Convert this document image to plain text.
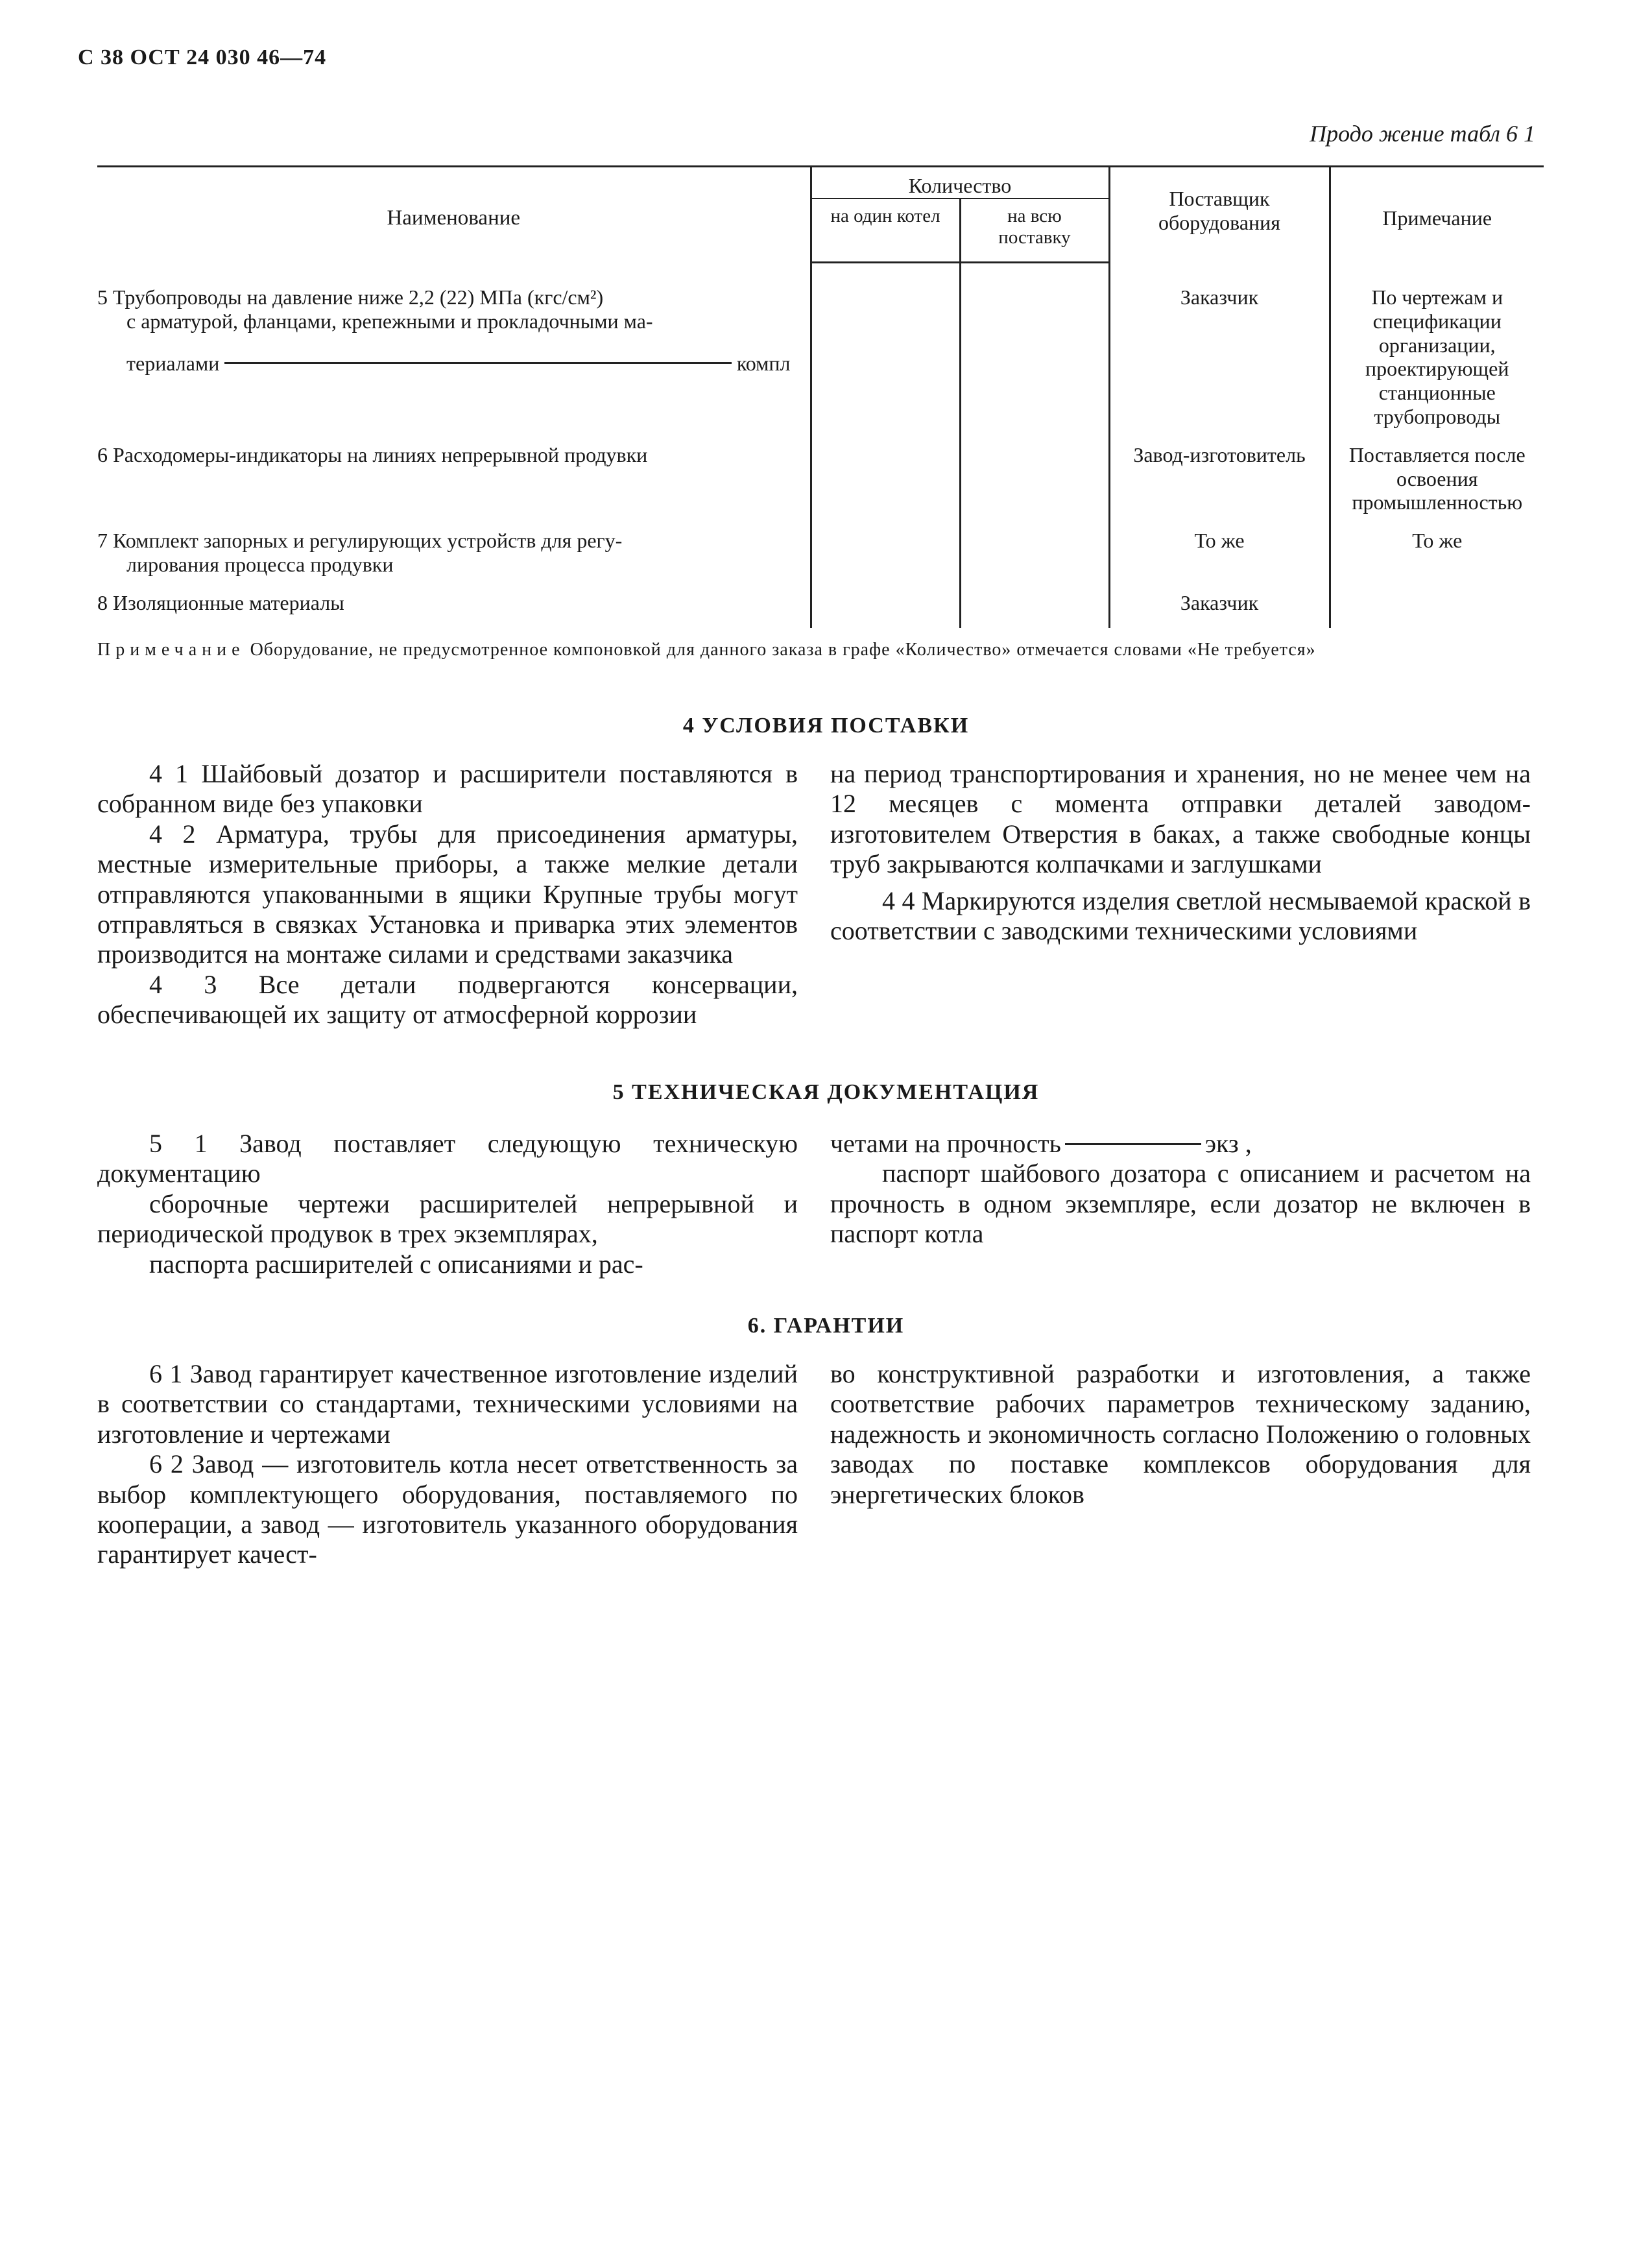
С 38 ОСТ 24 030 46—74
Продо жение табл 6 1
Наименование	Количество		Поставщик оборудования	Примечание
	на один котел	на всю поставку		

5 Трубопроводы на давление ниже 2,2 (22) МПа (кгс/см²)
с арматурой, фланцами, крепежными и прокладочными ма-
териалами компл			Заказчик	По чертежам и спецификации организации, проектирующей станционные трубопроводы
6 Расходомеры-индикаторы на линиях непрерывной продувки			Завод-изготовитель	Поставляется после освоения промышленностью

7 Комплект запорных и регулирующих устройств для регу-
лирования процесса продувки			То же	То же
8 Изоляционные материалы			Заказчик	
Примечание Оборудование, не предусмотренное компоновкой для данного заказа в графе «Количество» отмечается словами «Не требуется»
4 УСЛОВИЯ ПОСТАВКИ

4 1 Шайбовый дозатор и расширители поставляются в собранном виде без упаковки

4 2 Арматура, трубы для присоединения арматуры, местные измерительные приборы, а также мелкие детали отправляются упакованными в ящики Крупные трубы могут отправляться в связках Установка и приварка этих элементов производится на монтаже силами и средствами заказчика

4 3 Все детали подвергаются консервации, обеспечивающей их защиту от атмосферной коррозии

на период транспортирования и хранения, но не менее чем на 12 месяцев с момента отправки деталей заводом-изготовителем Отверстия в баках, а также свободные концы труб закрываются колпачками и заглушками

4 4 Маркируются изделия светлой несмываемой краской в соответствии с заводскими техническими условиями

5 ТЕХНИЧЕСКАЯ ДОКУМЕНТАЦИЯ

5 1 Завод поставляет следующую техническую документацию

сборочные чертежи расширителей непрерывной и периодической продувок в трех экземплярах,

паспорта расширителей с описаниями и рас-

четами на прочность	экз ,

паспорт шайбового дозатора с описанием и расчетом на прочность в одном экземпляре, если дозатор не включен в паспорт котла

6. ГАРАНТИИ

6 1 Завод гарантирует качественное изготовление изделий в соответствии со стандартами, техническими условиями на изготовление и чертежами

6 2 Завод — изготовитель котла несет ответственность за выбор комплектующего оборудования, поставляемого по кооперации, а завод — изготовитель указанного оборудования гарантирует качест-

во конструктивной разработки и изготовления, а также соответствие рабочих параметров техническому заданию, надежность и экономичность согласно Положению о головных заводах по поставке комплексов оборудования для энергетических блоков
